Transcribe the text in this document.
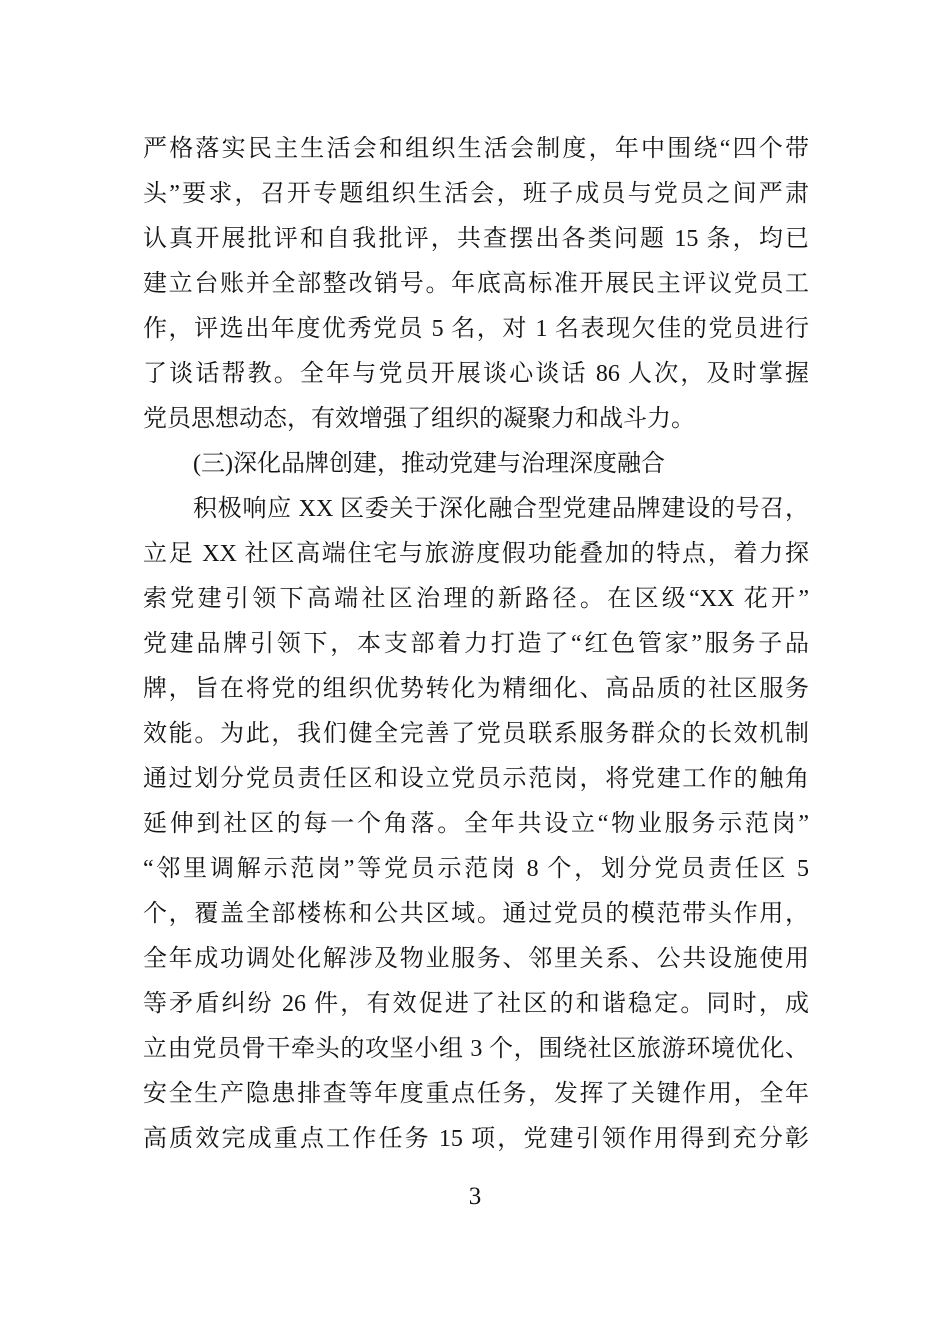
严格落实民主生活会和组织生活会制度，年中围绕“四个带
头”要求，召开专题组织生活会，班子成员与党员之间严肃
认真开展批评和自我批评，共查摆出各类问题 15 条，均已
建立台账并全部整改销号。年底高标准开展民主评议党员工
作，评选出年度优秀党员 5 名，对 1 名表现欠佳的党员进行
了谈话帮教。全年与党员开展谈心谈话 86 人次，及时掌握
党员思想动态，有效增强了组织的凝聚力和战斗力。
(三)深化品牌创建，推动党建与治理深度融合
积极响应 XX 区委关于深化融合型党建品牌建设的号召，
立足 XX 社区高端住宅与旅游度假功能叠加的特点，着力探
索党建引领下高端社区治理的新路径。在区级“XX 花开”
党建品牌引领下，本支部着力打造了“红色管家”服务子品
牌，旨在将党的组织优势转化为精细化、高品质的社区服务
效能。为此，我们健全完善了党员联系服务群众的长效机制
通过划分党员责任区和设立党员示范岗，将党建工作的触角
延伸到社区的每一个角落。全年共设立“物业服务示范岗”
“邻里调解示范岗”等党员示范岗 8 个，划分党员责任区 5
个，覆盖全部楼栋和公共区域。通过党员的模范带头作用，
全年成功调处化解涉及物业服务、邻里关系、公共设施使用
等矛盾纠纷 26 件，有效促进了社区的和谐稳定。同时，成
立由党员骨干牵头的攻坚小组 3 个，围绕社区旅游环境优化、
安全生产隐患排查等年度重点任务，发挥了关键作用，全年
高质效完成重点工作任务 15 项，党建引领作用得到充分彰
3
